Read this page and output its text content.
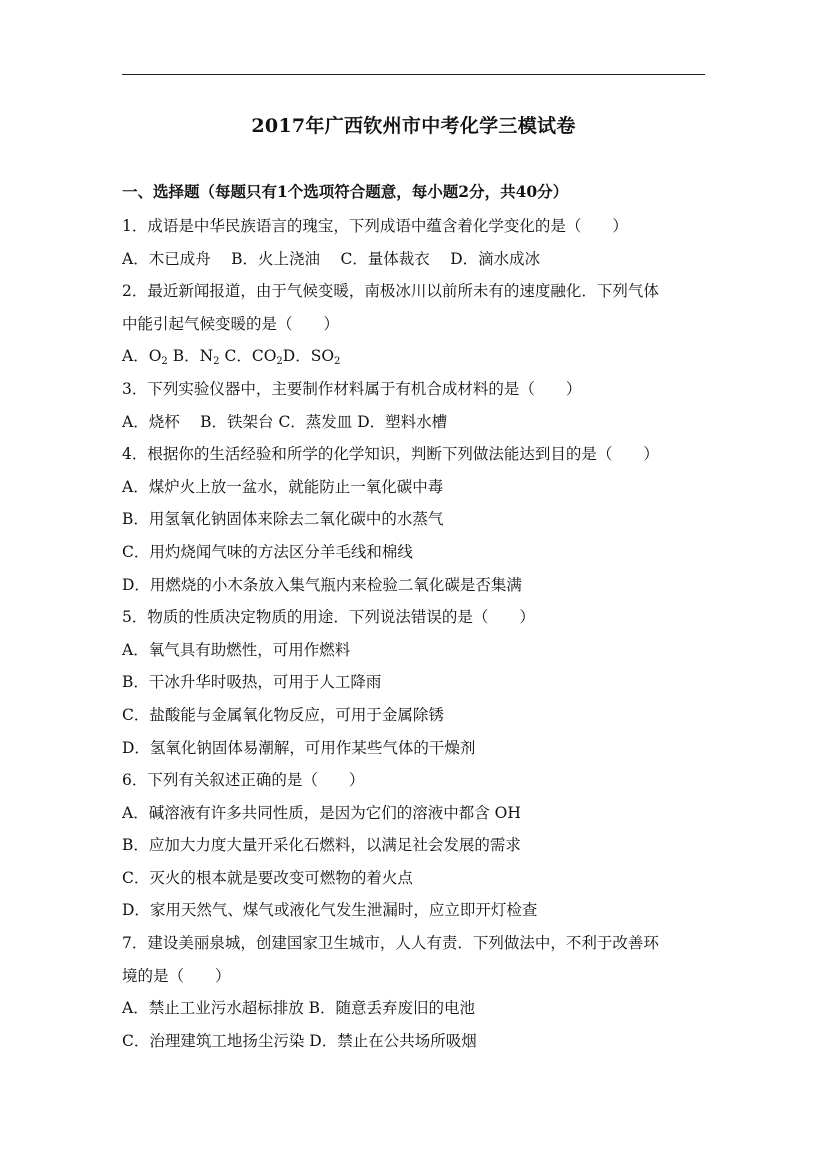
2017年广西钦州市中考化学三模试卷
一、选择题（每题只有1个选项符合题意，每小题2分，共40分）
1．成语是中华民族语言的瑰宝，下列成语中蕴含着化学变化的是（　　）
A．木已成舟　 B．火上浇油　 C．量体裁衣　 D．滴水成冰
2．最近新闻报道，由于气候变暖，南极冰川以前所未有的速度融化．下列气体
中能引起气候变暖的是（　　）
A．$O_2$ B．$N_2$ C．$CO_2D$．$SO_2$
3．下列实验仪器中，主要制作材料属于有机合成材料的是（　　）
A．烧杯　 B．铁架台 C．蒸发皿 D．塑料水槽
4．根据你的生活经验和所学的化学知识，判断下列做法能达到目的是（　　）
A．煤炉火上放一盆水，就能防止一氧化碳中毒
B．用氢氧化钠固体来除去二氧化碳中的水蒸气
C．用灼烧闻气味的方法区分羊毛线和棉线
D．用燃烧的小木条放入集气瓶内来检验二氧化碳是否集满
5．物质的性质决定物质的用途．下列说法错误的是（　　）
A．氧气具有助燃性，可用作燃料
B．干冰升华时吸热，可用于人工降雨
C．盐酸能与金属氧化物反应，可用于金属除锈
D．氢氧化钠固体易潮解，可用作某些气体的干燥剂
6．下列有关叙述正确的是（　　）
A．碱溶液有许多共同性质，是因为它们的溶液中都含 OH
B．应加大力度大量开采化石燃料，以满足社会发展的需求
C．灭火的根本就是要改变可燃物的着火点
D．家用天然气、煤气或液化气发生泄漏时，应立即开灯检查
7．建设美丽泉城，创建国家卫生城市，人人有责．下列做法中，不利于改善环
境的是（　　）
A．禁止工业污水超标排放 B．随意丢弃废旧的电池
C．治理建筑工地扬尘污染 D．禁止在公共场所吸烟
